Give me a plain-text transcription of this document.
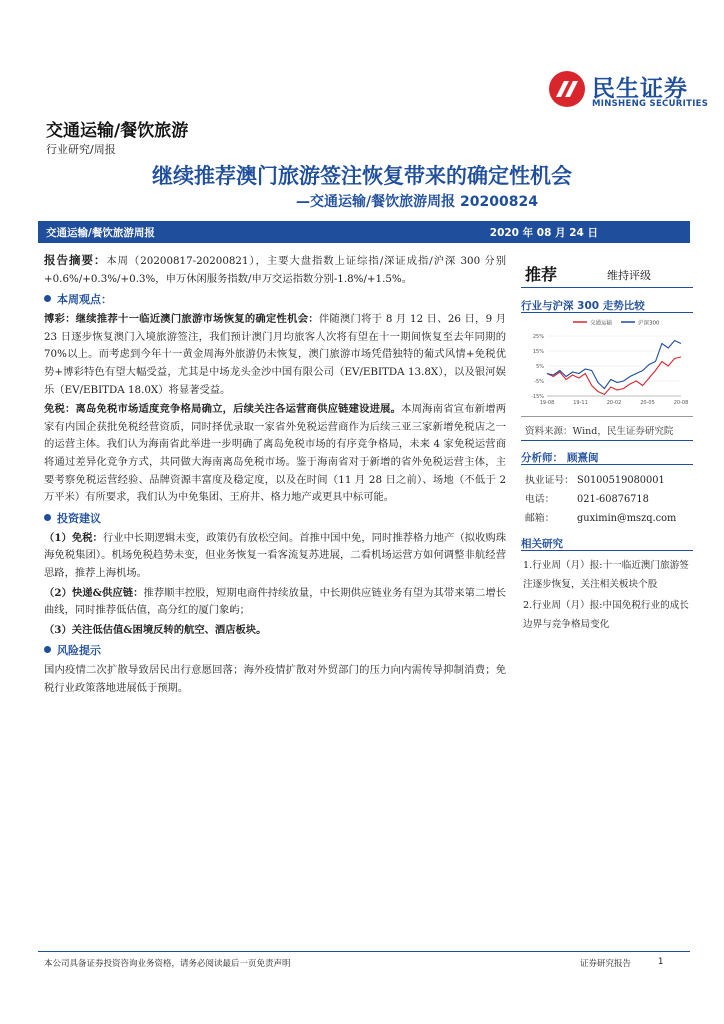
民生证券
MINSHENG SECURITIES
交通运输/餐饮旅游
行业研究/周报
继续推荐澳门旅游签注恢复带来的确定性机会
—交通运输/餐饮旅游周报 20200824
交通运输/餐饮旅游周报	2020 年 08 月 24 日

报告摘要：本周（20200817-20200821），主要大盘指数上证综指/深证成指/沪深 300 分别+0.6%/+0.3%/+0.3%，申万休闲服务指数/申万交运指数分别-1.8%/+1.5%。

本周观点：

博彩：继续推荐十一临近澳门旅游市场恢复的确定性机会：伴随澳门将于 8 月 12 日、26 日，9 月 23 日逐步恢复澳门入境旅游签注，我们预计澳门月均旅客人次将有望在十一期间恢复至去年同期的 70%以上。而考虑到今年十一黄金周海外旅游仍未恢复，澳门旅游市场凭借独特的葡式风情+免税优势+博彩特色有望大幅受益，尤其是中场龙头金沙中国有限公司（EV/EBITDA 13.8X），以及银河娱乐（EV/EBITDA 18.0X）将显著受益。

免税：离岛免税市场适度竞争格局确立，后续关注各运营商供应链建设进展。本周海南省宣布新增两家有内国企获批免税经营资质，同时择优录取一家省外免税运营商作为后续三亚三家新增免税店之一的运营主体。我们认为海南省此举进一步明确了离岛免税市场的有序竞争格局，未来 4 家免税运营商将通过差异化竞争方式，共同做大海南离岛免税市场。鉴于海南省对于新增的省外免税运营主体，主要考察免税运营经验、品牌资源丰富度及稳定度，以及在时间（11 月 28 日之前）、场地（不低于 2 万平米）有所要求，我们认为中免集团、王府井、格力地产或更具中标可能。

投资建议

（1）免税：行业中长期逻辑未变，政策仍有放松空间。首推中国中免，同时推荐格力地产（拟收购珠海免税集团）。机场免税趋势未变，但业务恢复一看客流复苏进展，二看机场运营方如何调整非航经营思路，推荐上海机场。

（2）快递&供应链：推荐顺丰控股，短期电商件持续放量，中长期供应链业务有望为其带来第二增长曲线，同时推荐低估值，高分红的厦门象屿；

（3）关注低估值&困境反转的航空、酒店板块。

风险提示

国内疫情二次扩散导致居民出行意愿回落；海外疫情扩散对外贸部门的压力向内需传导抑制消费；免税行业政策落地进展低于预期。

推荐	维持评级
行业与沪深 300 走势比较
交通运输	沪深300
-15%
-5%
5%
15%
25%
19-08	19-11	20-02	20-05	20-08
资料来源：Wind，民生证券研究院
分析师： 顾熹闽
执业证号： S0100519080001
电话： 021-60876718
邮箱： guximin@mszq.com
相关研究
1.行业周（月）报:十一临近澳门旅游签注逐步恢复，关注相关板块个股
2.行业周（月）报:中国免税行业的成长边界与竞争格局变化
本公司具备证券投资咨询业务资格，请务必阅读最后一页免责声明	证券研究报告	1
